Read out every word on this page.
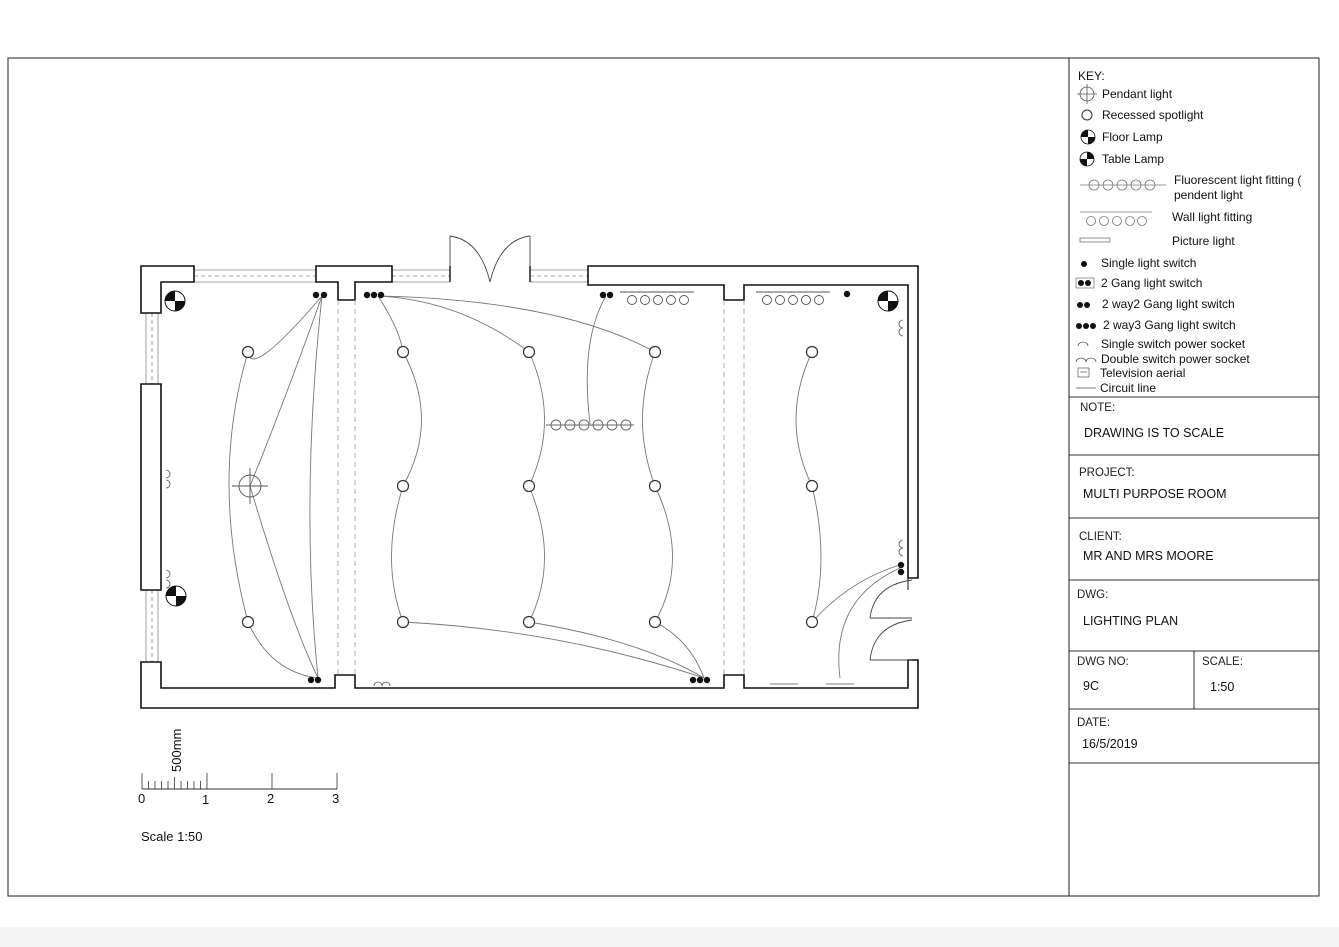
500mm
0	1	2	3
Scale 1:50
KEY:
Pendant light
Recessed spotlight
Floor Lamp
Table Lamp
Fluorescent light fitting (
pendent light
Wall light fitting
Picture light
Single light switch
2 Gang light switch
2 way2 Gang light switch
2 way3 Gang light switch
Single switch power socket
Double switch power socket
Television aerial
Circuit line
NOTE:
DRAWING IS TO SCALE
PROJECT:
MULTI PURPOSE ROOM
CLIENT:
MR AND MRS MOORE
DWG:
LIGHTING PLAN
DWG NO:
9C
SCALE:
1:50
DATE:
16/5/2019
